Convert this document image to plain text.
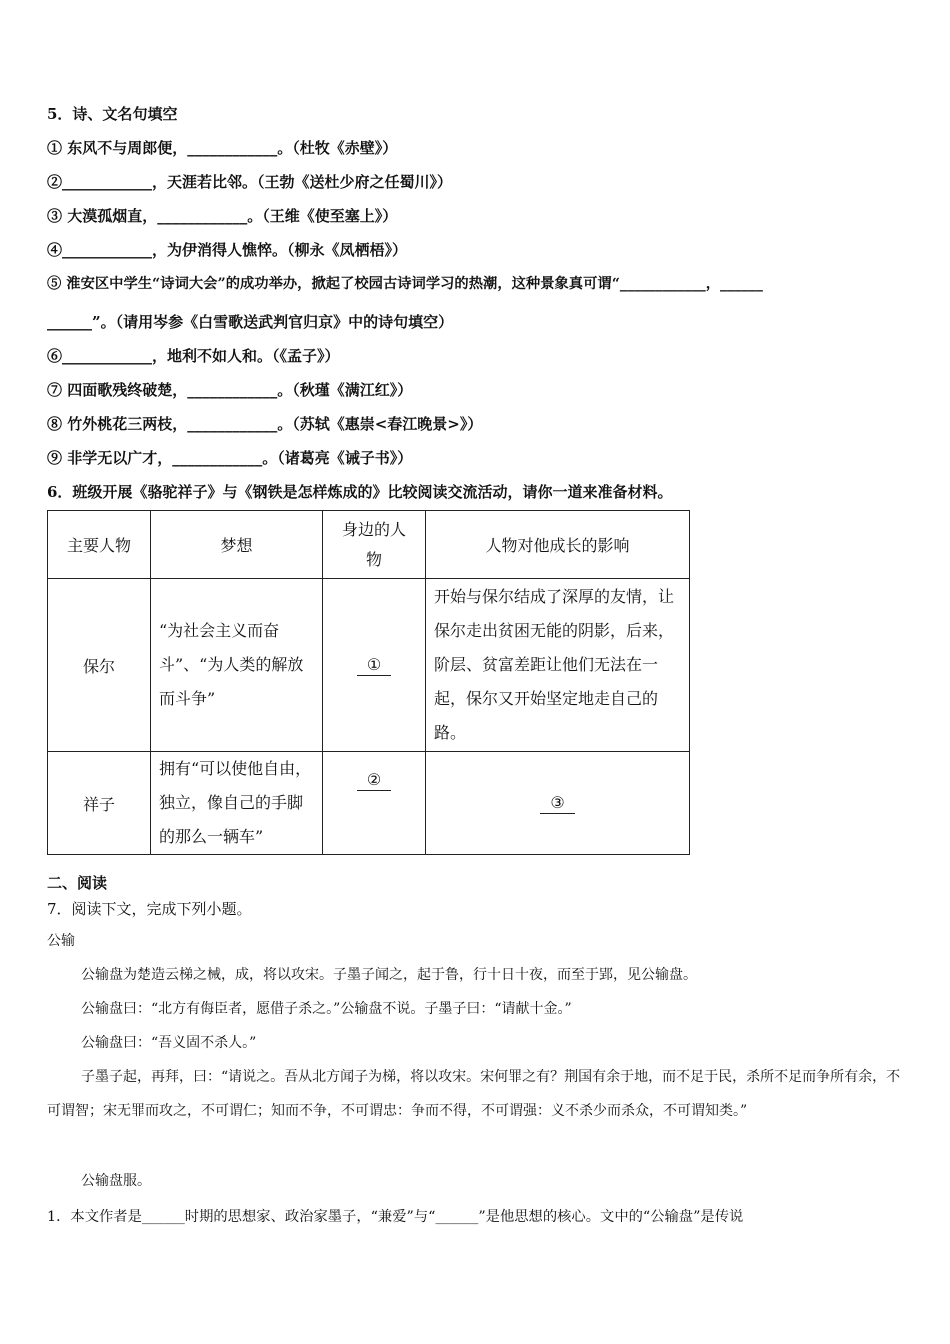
5．诗、文名句填空
① 东风不与周郎便，____________。（杜牧《赤壁》）
②____________，天涯若比邻。（王勃《送杜少府之任蜀川》）
③ 大漠孤烟直，____________。（王维《使至塞上》）
④____________，为伊消得人憔悴。（柳永《凤栖梧》）
⑤ 淮安区中学生“诗词大会”的成功举办，掀起了校园古诗词学习的热潮，这种景象真可谓“____________，______
______”。（请用岑参《白雪歌送武判官归京》中的诗句填空）
⑥____________，地利不如人和。（《孟子》）
⑦ 四面歌残终破楚，____________。（秋瑾《满江红》）
⑧ 竹外桃花三两枝，____________。（苏轼《惠崇<春江晚景>》）
⑨ 非学无以广才，____________。（诸葛亮《诫子书》）
6．班级开展《骆驼祥子》与《钢铁是怎样炼成的》比较阅读交流活动，请你一道来准备材料。
主要人物	梦想	身边的人物	人物对他成长的影响
保尔	“为社会主义而奋斗”、“为人类的解放而斗争”	①	开始与保尔结成了深厚的友情，让保尔走出贫困无能的阴影，后来，阶层、贫富差距让他们无法在一起，保尔又开始坚定地走自己的路。

祥子	拥有“可以使他自由，独立，像自己的手脚的那么一辆车”	②	③
二、阅读
7．阅读下文，完成下列小题。
公输
公输盘为楚造云梯之械，成，将以攻宋。子墨子闻之，起于鲁，行十日十夜，而至于郢，见公输盘。
公输盘曰：“北方有侮臣者，愿借子杀之。”公输盘不说。子墨子曰：“请献十金。”
公输盘曰：“吾义固不杀人。”
子墨子起，再拜，曰：“请说之。吾从北方闻子为梯，将以攻宋。宋何罪之有？荆国有余于地，而不足于民，杀所不足而争所有余，不可谓智；宋无罪而攻之，不可谓仁；知而不争，不可谓忠：争而不得，不可谓强：义不杀少而杀众，不可谓知类。”
公输盘服。
1．本文作者是______时期的思想家、政治家墨子，“兼爱”与“______”是他思想的核心。文中的“公输盘”是传说
